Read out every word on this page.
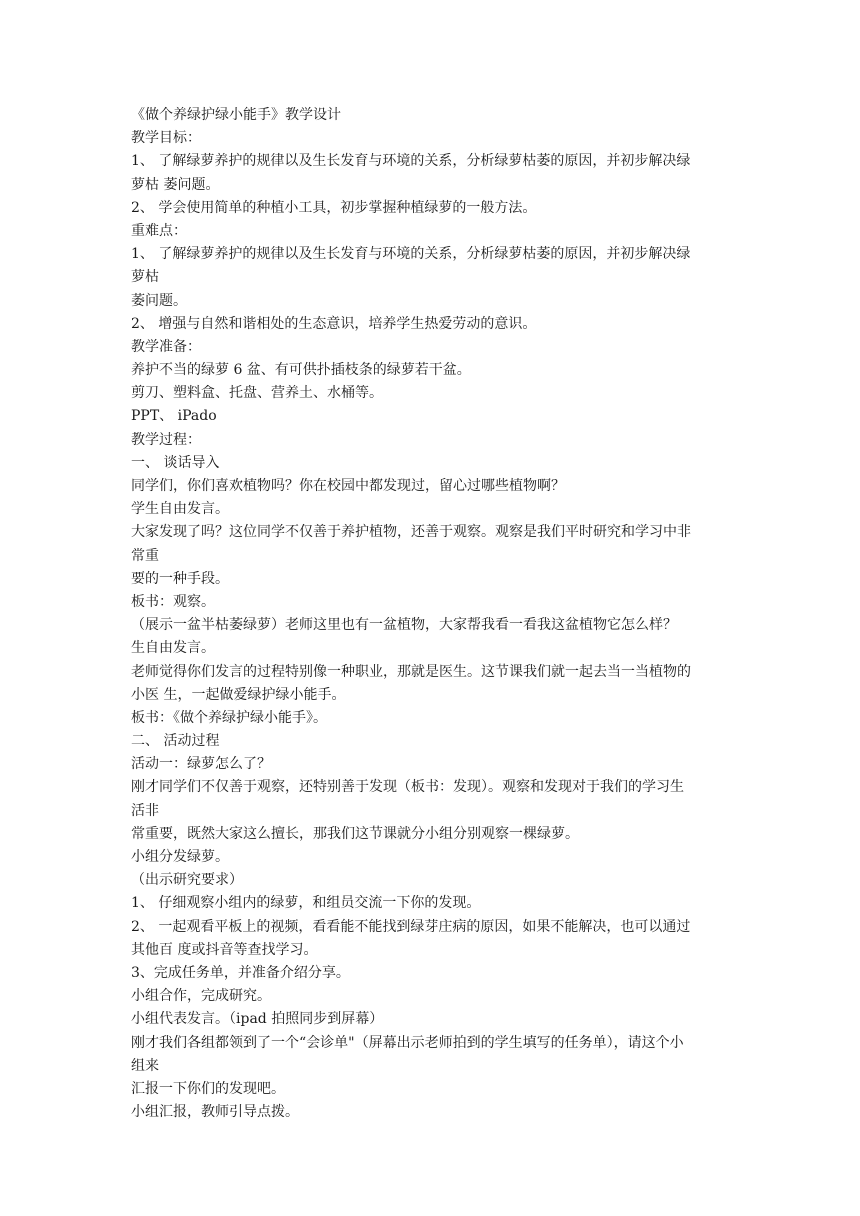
《做个养绿护绿小能手》教学设计
教学目标：
1、 了解绿萝养护的规律以及生长发育与环境的关系，分析绿萝枯萎的原因，并初步解决绿
萝枯 萎问题。
2、 学会使用简单的种植小工具，初步掌握种植绿萝的一般方法。
重难点：
1、 了解绿萝养护的规律以及生长发育与环境的关系，分析绿萝枯萎的原因，并初步解决绿
萝枯
萎问题。
2、 增强与自然和谐相处的生态意识，培养学生热爱劳动的意识。
教学准备：
养护不当的绿萝 6 盆、有可供扑插枝条的绿萝若干盆。
剪刀、塑料盒、托盘、营养土、水桶等。
PPT、 iPado
教学过程：
一、 谈话导入
同学们，你们喜欢植物吗？你在校园中都发现过，留心过哪些植物啊？
学生自由发言。
大家发现了吗？这位同学不仅善于养护植物，还善于观察。观察是我们平时研究和学习中非
常重
要的一种手段。
板书：观察。
（展示一盆半枯萎绿萝）老师这里也有一盆植物，大家帮我看一看我这盆植物它怎么样？
生自由发言。
老师觉得你们发言的过程特别像一种职业，那就是医生。这节课我们就一起去当一当植物的
小医 生，一起做爱绿护绿小能手。
板书：《做个养绿护绿小能手》。
二、 活动过程
活动一：绿萝怎么了？
刚才同学们不仅善于观察，还特别善于发现（板书：发现）。观察和发现对于我们的学习生
活非
常重要，既然大家这么擅长，那我们这节课就分小组分别观察一棵绿萝。
小组分发绿萝。
（出示研究要求）
1、 仔细观察小组内的绿萝，和组员交流一下你的发现。
2、 一起观看平板上的视频，看看能不能找到绿芽庄病的原因，如果不能解决，也可以通过
其他百 度或抖音等查找学习。
3、完成任务单，并准备介绍分享。
小组合作，完成研究。
小组代表发言。（ipad 拍照同步到屏幕）
刚才我们各组都领到了一个“会诊单"（屏幕出示老师拍到的学生填写的任务单），请这个小
组来
汇报一下你们的发现吧。
小组汇报，教师引导点拨。
